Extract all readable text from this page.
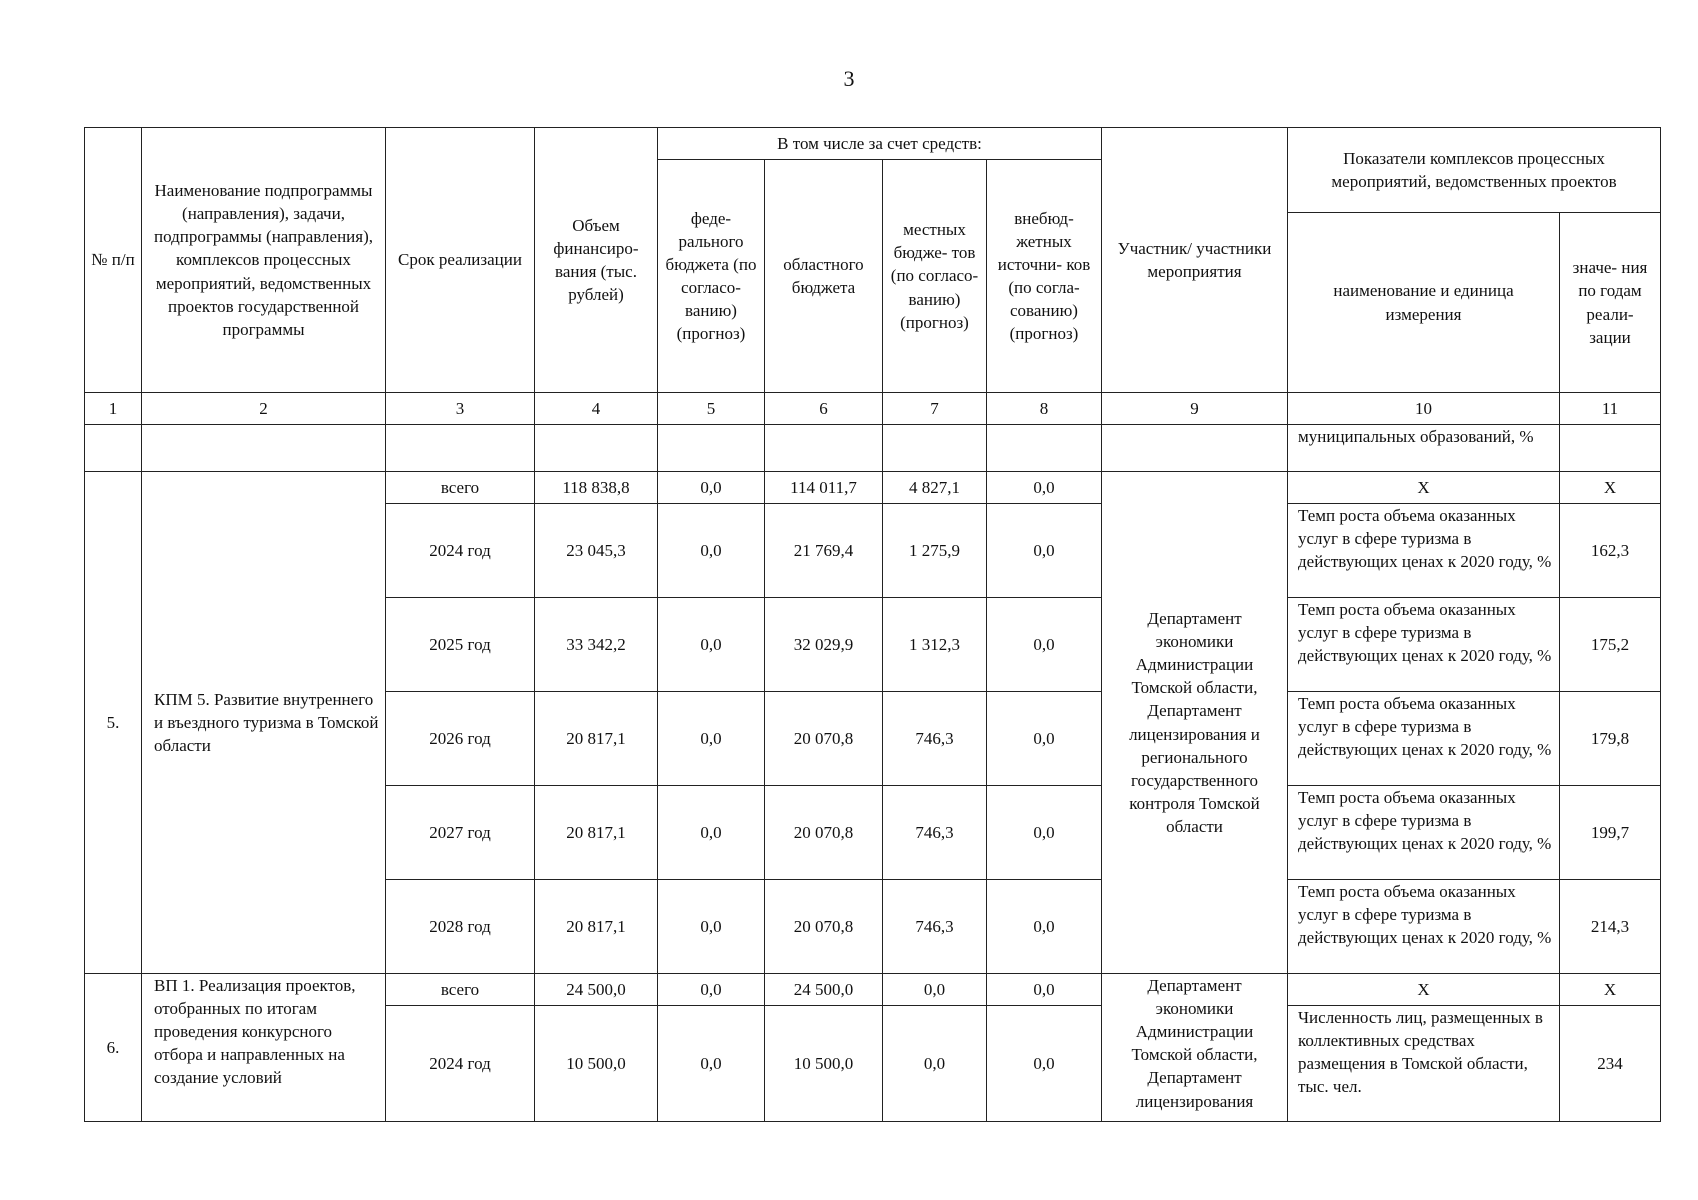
3
№ п/п	Наименование подпрограммы (направления), задачи, подпрограммы (направления), комплексов процессных мероприятий, ведомственных проектов государственной программы	Срок реализации	Объем финансиро- вания (тыс. рублей)	В том числе за счет средств:				Участник/ участники мероприятия	Показатели комплексов процессных мероприятий, ведомственных проектов	
				феде- рального бюджета (по согласо- ванию) (прогноз)	областного бюджета	местных бюдже- тов (по согласо- ванию) (прогноз)	внебюд- жетных источни- ков (по согла- сованию) (прогноз)			
									наименование и единица измерения	значе- ния по годам реали- зации
1	2	3	4	5	6	7	8	9	10	11
									муниципальных образований, %	
5.	КПМ 5. Развитие внутреннего и въездного туризма в Томской области	всего	118 838,8	0,0	114 011,7	4 827,1	0,0	Департамент экономики Администрации Томской области, Департамент лицензирования и регионального государственного контроля Томской области	Х	Х
		2024 год	23 045,3	0,0	21 769,4	1 275,9	0,0		Темп роста объема оказанных услуг в сфере туризма в действующих ценах к 2020 году, %	162,3
		2025 год	33 342,2	0,0	32 029,9	1 312,3	0,0		Темп роста объема оказанных услуг в сфере туризма в действующих ценах к 2020 году, %	175,2
		2026 год	20 817,1	0,0	20 070,8	746,3	0,0		Темп роста объема оказанных услуг в сфере туризма в действующих ценах к 2020 году, %	179,8
		2027 год	20 817,1	0,0	20 070,8	746,3	0,0		Темп роста объема оказанных услуг в сфере туризма в действующих ценах к 2020 году, %	199,7
		2028 год	20 817,1	0,0	20 070,8	746,3	0,0		Темп роста объема оказанных услуг в сфере туризма в действующих ценах к 2020 году, %	214,3
6.	ВП 1. Реализация проектов, отобранных по итогам проведения конкурсного отбора и направленных на создание условий	всего	24 500,0	0,0	24 500,0	0,0	0,0	Департамент экономики Администрации Томской области, Департамент лицензирования	Х	Х
		2024 год	10 500,0	0,0	10 500,0	0,0	0,0		Численность лиц, размещенных в коллективных средствах размещения в Томской области, тыс. чел.	234
